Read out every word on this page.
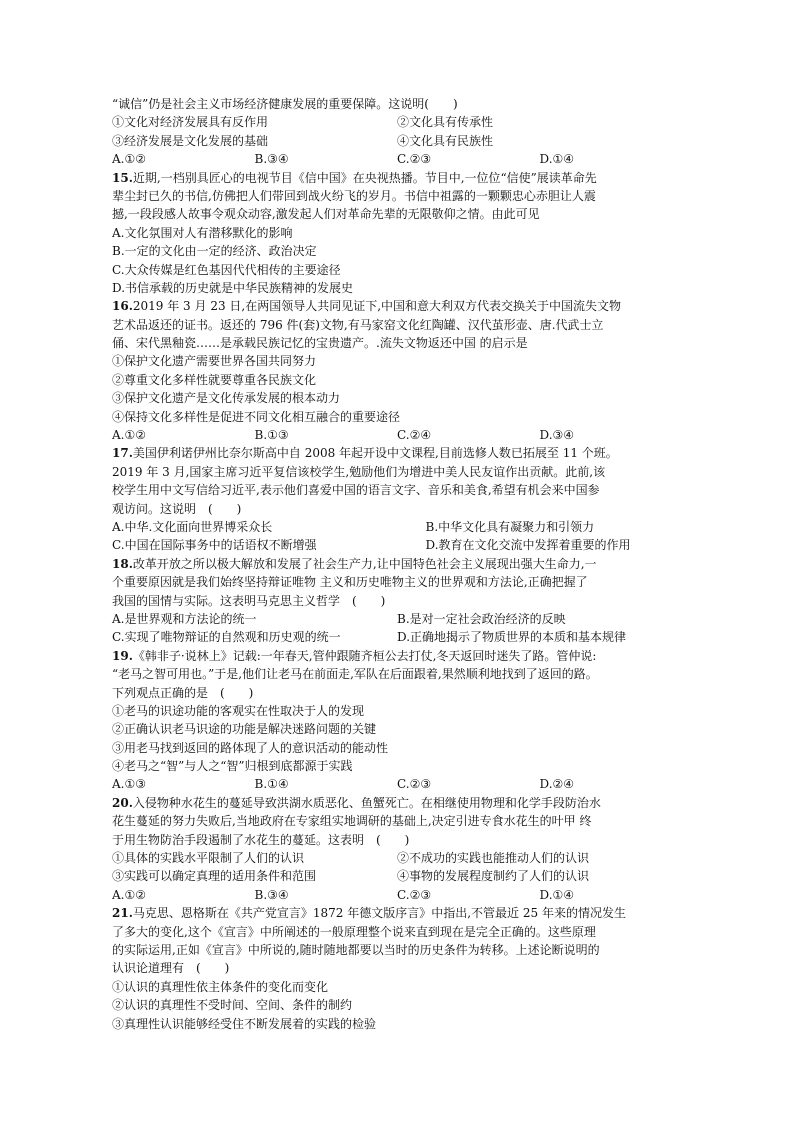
“诚信”仍是社会主义市场经济健康发展的重要保障。这说明(　　)
①文化对经济发展具有反作用	②文化具有传承性
③经济发展是文化发展的基础	④文化具有民族性
A.①②	B.③④	C.②③	D.①④
15.近期,一档别具匠心的电视节目《信中国》在央视热播。节目中,一位位“信使”展读革命先
辈尘封已久的书信,仿佛把人们带回到战火纷飞的岁月。书信中祖露的一颗颗忠心赤胆让人震
撼,一段段感人故事令观众动容,激发起人们对革命先辈的无限敬仰之情。由此可见
A.文化氛围对人有潜移默化的影响
B.一定的文化由一定的经济、政治决定
C.大众传媒是红色基因代代相传的主要途径
D.书信承载的历史就是中华民族精神的发展史
16.2019 年 3 月 23 日,在两国领导人共同见证下,中国和意大利双方代表交换关于中国流失文物
艺术品返还的证书。返还的 796 件(套)文物,有马家窑文化红陶罐、汉代茧形壶、唐.代武士立
俑、宋代黑釉瓷……是承载民族记忆的宝贵遗产。.流失文物返还中国 的启示是
①保护文化遗产需要世界各国共同努力
②尊重文化多样性就要尊重各民族文化
③保护文化遗产是文化传承发展的根本动力
④保持文化多样性是促进不同文化相互融合的重要途径
A.①②	B.①③	C.②④	D.③④
17.美国伊利诺伊州比奈尔斯高中自 2008 年起开设中文课程,目前选修人数已拓展至 11 个班。
2019 年 3 月,国家主席习近平复信该校学生,勉励他们为增进中美人民友谊作出贡献。此前,该
校学生用中文写信给习近平,表示他们喜爱中国的语言文字、音乐和美食,希望有机会来中国参
观访问。这说明　(　　)
A.中华.文化面向世界博采众长	B.中华文化具有凝聚力和引领力
C.中国在国际事务中的话语权不断增强	D.教育在文化交流中发挥着重要的作用
18.改革开放之所以极大解放和发展了社会生产力,让中国特色社会主义展现出强大生命力,一
个重要原因就是我们始终坚持辩证唯物 主义和历史唯物主义的世界观和方法论,正确把握了
我国的国情与实际。这表明马克思主义哲学　(　　)
A.是世界观和方法论的统一	B.是对一定社会政治经济的反映
C.实现了唯物辩证的自然观和历史观的统一	D.正确地揭示了物质世界的本质和基本规律
19.《韩非子·说林上》记载:一年春天,管仲跟随齐桓公去打仗,冬天返回时迷失了路。管仲说:
“老马之智可用也。”于是,他们让老马在前面走,军队在后面跟着,果然顺利地找到了返回的路。
下列观点正确的是　(　　)
①老马的识途功能的客观实在性取决于人的发现
②正确认识老马识途的功能是解决迷路问题的关键
③用老马找到返回的路体现了人的意识活动的能动性
④老马之“智”与人之“智”归根到底都源于实践
A.①③	B.①④	C.②③	D.②④
20.入侵物种水花生的蔓延导致洪湖水质恶化、鱼蟹死亡。在相继使用物理和化学手段防治水
花生蔓延的努力失败后,当地政府在专家组实地调研的基础上,决定引进专食水花生的叶甲 终
于用生物防治手段遏制了水花生的蔓延。这表明　(　　)
①具体的实践水平限制了人们的认识	②不成功的实践也能推动人们的认识
③实践可以确定真理的适用条件和范围	④事物的发展程度制约了人们的认识
A.①②	B.③④	C.②③	D.①④
21.马克思、恩格斯在《共产党宣言》1872 年德文版序言》中指出,不管最近 25 年来的情况发生
了多大的变化,这个《宣言》中所阐述的一般原理整个说来直到现在是完全正确的。这些原理
的实际运用,正如《宣言》中所说的,随时随地都要以当时的历史条件为转移。上述论断说明的
认识论道理有　(　　)
①认识的真理性依主体条件的变化而变化
②认识的真理性不受时间、空间、条件的制约
③真理性认识能够经受住不断发展着的实践的检验
